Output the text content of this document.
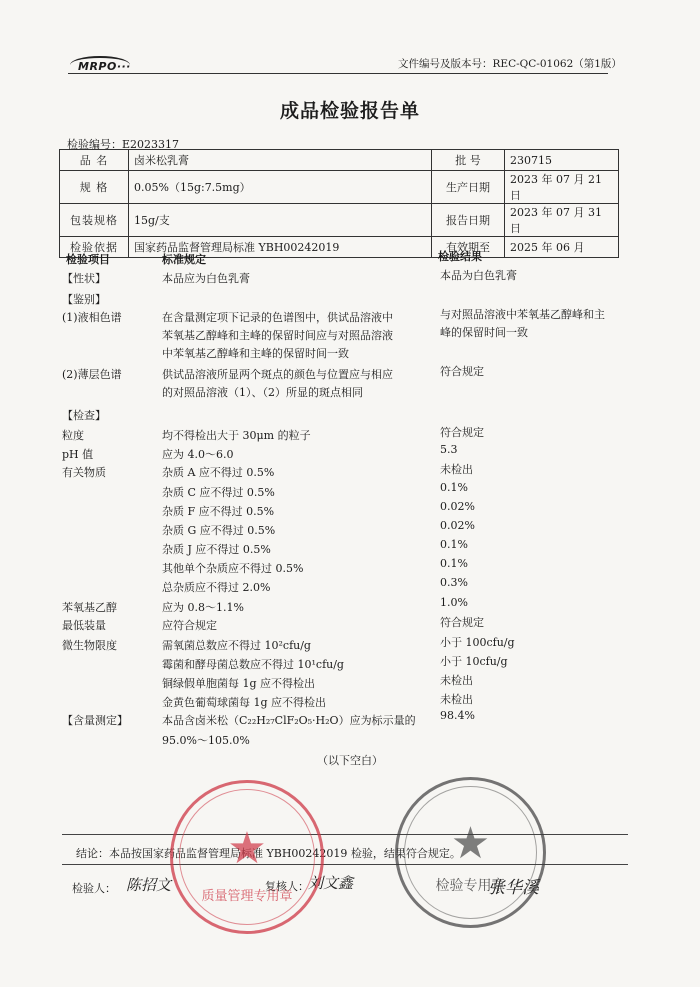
MRPO···	文件编号及版本号：REC-QC-01062（第1版）
成品检验报告单
检验编号：E2023317
品 名	卤米松乳膏	批 号	230715
规 格	0.05%（15g:7.5mg）	生产日期	2023 年 07 月 21 日
包装规格	15g/支	报告日期	2023 年 07 月 31 日
检验依据	国家药品监督管理局标准 YBH00242019	有效期至	2025 年 06 月
检验项目	标准规定	检验结果
【性状】	本品应为白色乳膏	本品为白色乳膏
【鉴别】
(1)液相色谱	在含量测定项下记录的色谱图中，供试品溶液中	与对照品溶液中苯氧基乙醇峰和主
苯氧基乙醇峰和主峰的保留时间应与对照品溶液	峰的保留时间一致
中苯氧基乙醇峰和主峰的保留时间一致
(2)薄层色谱	供试品溶液所显两个斑点的颜色与位置应与相应	符合规定
的对照品溶液（1）、（2）所显的斑点相同
【检查】
粒度	均不得检出大于 30μm 的粒子	符合规定
pH 值	应为 4.0～6.0	5.3
有关物质	杂质 A 应不得过 0.5%	未检出
杂质 C 应不得过 0.5%	0.1%
杂质 F 应不得过 0.5%	0.02%
杂质 G 应不得过 0.5%	0.02%
杂质 J 应不得过 0.5%	0.1%
其他单个杂质应不得过 0.5%	0.1%
总杂质应不得过 2.0%	0.3%
苯氧基乙醇	应为 0.8～1.1%	1.0%
最低装量	应符合规定	符合规定
微生物限度	需氧菌总数应不得过 10²cfu/g	小于 100cfu/g
霉菌和酵母菌总数应不得过 10¹cfu/g	小于 10cfu/g
铜绿假单胞菌每 1g 应不得检出	未检出
金黄色葡萄球菌每 1g 应不得检出	未检出
【含量测定】	本品含卤米松（C₂₂H₂₇ClF₂O₅·H₂O）应为标示量的 98.4%
95.0%～105.0%
（以下空白）
结论：本品按国家药品监督管理局标准 YBH00242019 检验，结果符合规定。
检验人： 陈招文	复核人： 刘文鑫	张华溪
★
质量管理专用章
★
检验专用章
